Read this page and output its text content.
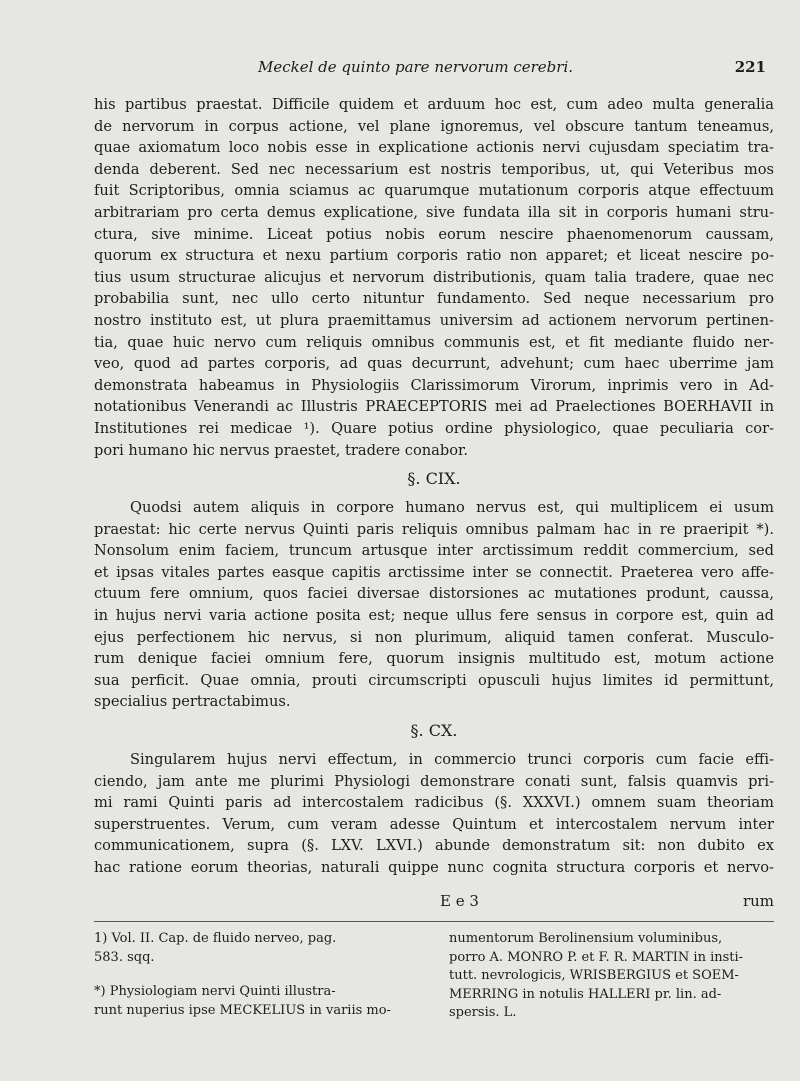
Meckel de quinto pare nervorum cerebri.	221
his partibus praestat. Difficile quidem et arduum hoc est, cum adeo multa generalia
de nervorum in corpus actione, vel plane ignoremus, vel obscure tantum teneamus,
quae axiomatum loco nobis esse in explicatione actionis nervi cujusdam speciatim tra-
denda deberent. Sed nec necessarium est nostris temporibus, ut, qui Veteribus mos
fuit Scriptoribus, omnia sciamus ac quarumque mutationum corporis atque effectuum
arbitrariam pro certa demus explicatione, sive fundata illa sit in corporis humani stru-
ctura, sive minime. Liceat potius nobis eorum nescire phaenomenorum caussam,
quorum ex structura et nexu partium corporis ratio non apparet; et liceat nescire po-
tius usum structurae alicujus et nervorum distributionis, quam talia tradere, quae nec
probabilia sunt, nec ullo certo nituntur fundamento. Sed neque necessarium pro
nostro instituto est, ut plura praemittamus universim ad actionem nervorum pertinen-
tia, quae huic nervo cum reliquis omnibus communis est, et fit mediante fluido ner-
veo, quod ad partes corporis, ad quas decurrunt, advehunt; cum haec uberrime jam
demonstrata habeamus in Physiologiis Clarissimorum Virorum, inprimis vero in Ad-
notationibus Venerandi ac Illustris PRAECEPTORIS mei ad Praelectiones BOERHAVII in
Institutiones rei medicae ¹). Quare potius ordine physiologico, quae peculiaria cor-
pori humano hic nervus praestet, tradere conabor.
§. CIX.
Quodsi autem aliquis in corpore humano nervus est, qui multiplicem ei usum
praestat: hic certe nervus Quinti paris reliquis omnibus palmam hac in re praeripit *).
Nonsolum enim faciem, truncum artusque inter arctissimum reddit commercium, sed
et ipsas vitales partes easque capitis arctissime inter se connectit. Praeterea vero affe-
ctuum fere omnium, quos faciei diversae distorsiones ac mutationes produnt, caussa,
in hujus nervi varia actione posita est; neque ullus fere sensus in corpore est, quin ad
ejus perfectionem hic nervus, si non plurimum, aliquid tamen conferat. Musculo-
rum denique faciei omnium fere, quorum insignis multitudo est, motum actione
sua perficit. Quae omnia, prouti circumscripti opusculi hujus limites id permittunt,
specialius pertractabimus.
§. CX.
Singularem hujus nervi effectum, in commercio trunci corporis cum facie effi-
ciendo, jam ante me plurimi Physiologi demonstrare conati sunt, falsis quamvis pri-
mi rami Quinti paris ad intercostalem radicibus (§. XXXVI.) omnem suam theoriam
superstruentes. Verum, cum veram adesse Quintum et intercostalem nervum inter
communicationem, supra (§. LXV. LXVI.) abunde demonstratum sit: non dubito ex
hac ratione eorum theorias, naturali quippe nunc cognita structura corporis et nervo-
E e 3	rum
1) Vol. II. Cap. de fluido nerveo, pag.
583. sqq.
*) Physiologiam nervi Quinti illustra-
runt nuperius ipse MECKELIUS in variis mo-
numentorum Berolinensium voluminibus,
porro A. MONRO P. et F. R. MARTIN in insti-
tutt. nevrologicis, WRISBERGIUS et SOEM-
MERRING in notulis HALLERI pr. lin. ad-
spersis. L.
